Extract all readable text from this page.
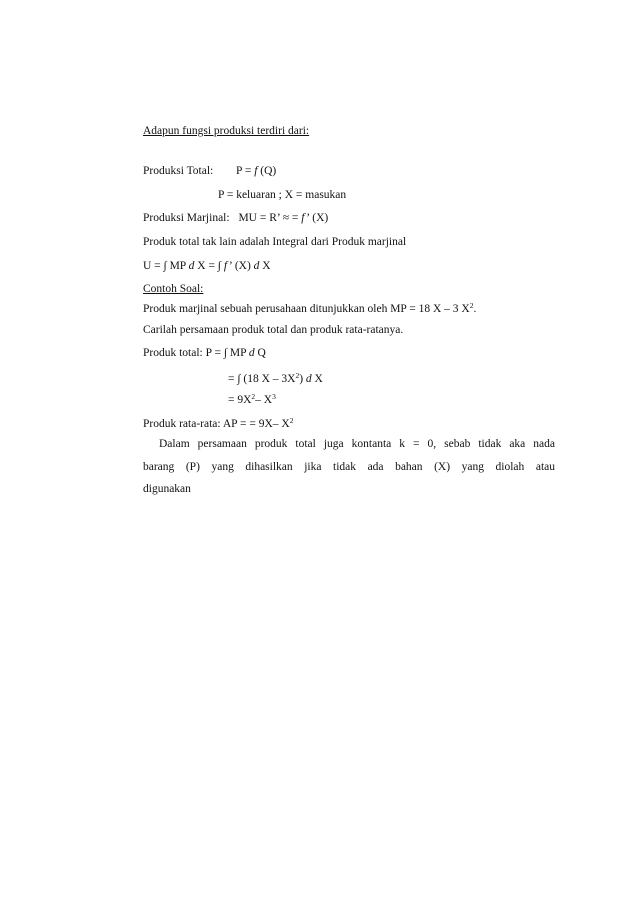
Adapun fungsi produksi terdiri dari:
Produksi Total: P = f (Q)
P = keluaran ; X = masukan
Produksi Marjinal: MU = R’ ≈ = f’ (X)
Produk total tak lain adalah Integral dari Produk marjinal
U = ∫ MP d X = ∫ f’ (X) d X
Contoh Soal:
Produk marjinal sebuah perusahaan ditunjukkan oleh MP = 18 X – 3 $X^2$.
Carilah persamaan produk total dan produk rata-ratanya.
Produk total: P = ∫ MP d Q
= ∫ (18 X – $3X^2$) d X
= $9X^2-$ $X^3$
Produk rata-rata: AP = = 9X– $X^2$
Dalam persamaan produk total juga kontanta k = 0, sebab tidak aka nada
barang (P) yang dihasilkan jika tidak ada bahan (X) yang diolah atau
digunakan
